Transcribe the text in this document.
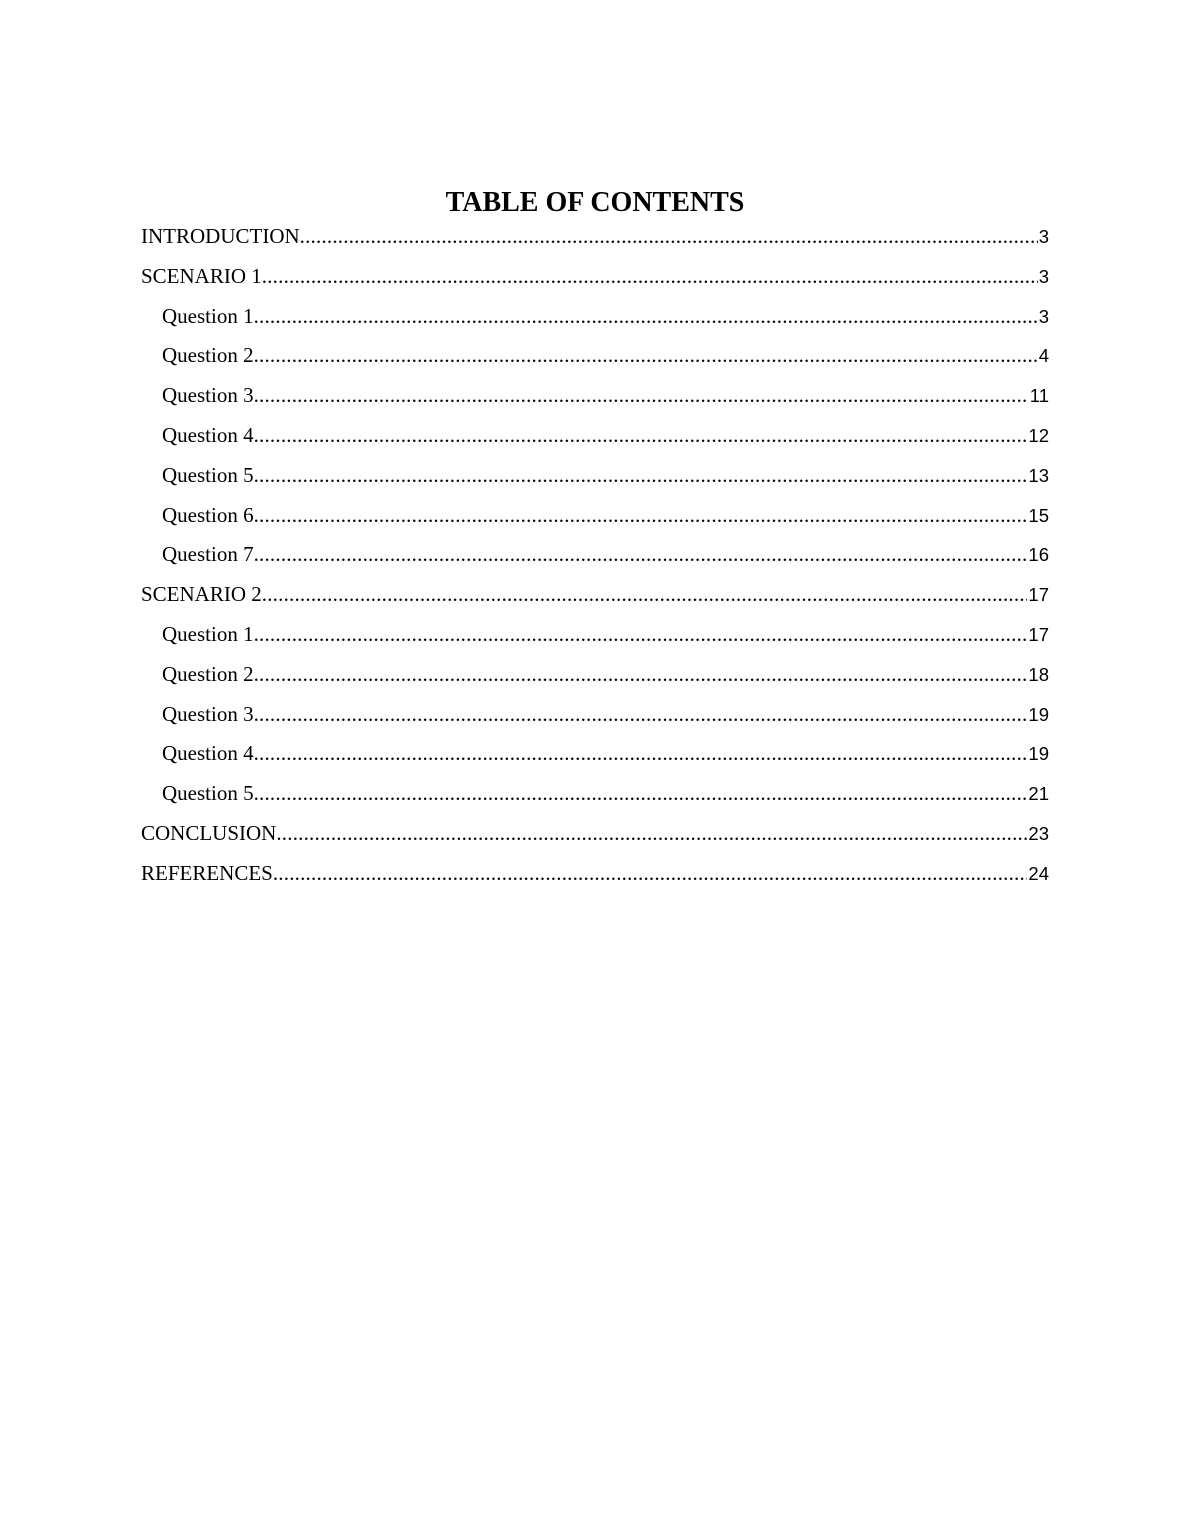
TABLE OF CONTENTS
INTRODUCTION .....	3
SCENARIO 1 .....	3
Question 1 .....	3
Question 2 .....	4
Question 3 .....	11
Question 4 .....	12
Question 5 .....	13
Question 6 .....	15
Question 7 .....	16
SCENARIO 2 .....	17
Question 1 .....	17
Question 2 .....	18
Question 3 .....	19
Question 4 .....	19
Question 5 .....	21
CONCLUSION .....	23
REFERENCES .....	24
